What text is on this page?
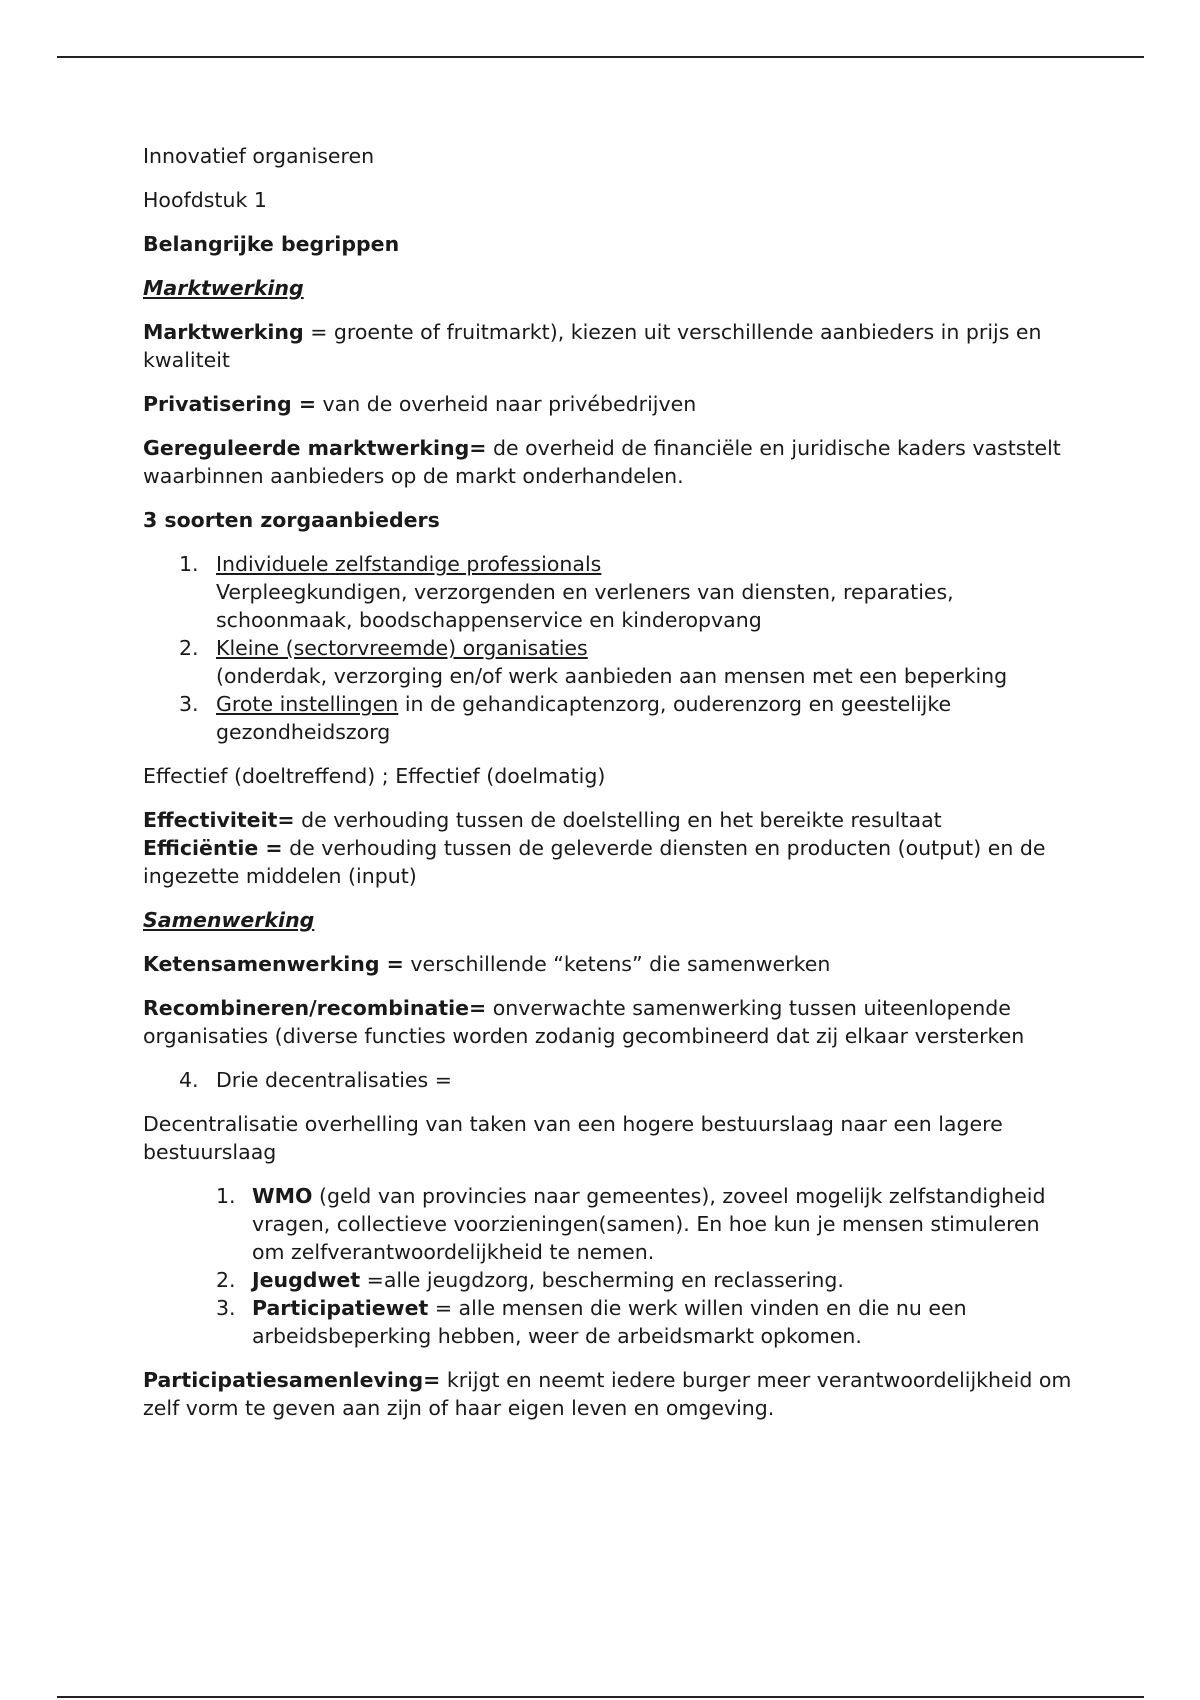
Innovatief organiseren

Hoofdstuk 1

Belangrijke begrippen

Marktwerking

Marktwerking = groente of fruitmarkt), kiezen uit verschillende aanbieders in prijs en kwaliteit

Privatisering = van de overheid naar privébedrijven

Gereguleerde marktwerking= de overheid de financiële en juridische kaders vaststelt waarbinnen aanbieders op de markt onderhandelen.

3 soorten zorgaanbieders

1. Individuele zelfstandige professionals
Verpleegkundigen, verzorgenden en verleners van diensten, reparaties, schoonmaak, boodschappenservice en kinderopvang
2. Kleine (sectorvreemde) organisaties
(onderdak, verzorging en/of werk aanbieden aan mensen met een beperking
3. Grote instellingen in de gehandicaptenzorg, ouderenzorg en geestelijke gezondheidszorg

Effectief (doeltreffend) ; Effectief (doelmatig)

Effectiviteit= de verhouding tussen de doelstelling en het bereikte resultaat

Efficiëntie = de verhouding tussen de geleverde diensten en producten (output) en de ingezette middelen (input)

Samenwerking

Ketensamenwerking = verschillende “ketens” die samenwerken

Recombineren/recombinatie= onverwachte samenwerking tussen uiteenlopende organisaties (diverse functies worden zodanig gecombineerd dat zij elkaar versterken

4. Drie decentralisaties =

Decentralisatie overhelling van taken van een hogere bestuurslaag naar een lagere bestuurslaag

1. WMO (geld van provincies naar gemeentes), zoveel mogelijk zelfstandigheid vragen, collectieve voorzieningen(samen). En hoe kun je mensen stimuleren om zelfverantwoordelijkheid te nemen.
2. Jeugdwet =alle jeugdzorg, bescherming en reclassering.
3. Participatiewet = alle mensen die werk willen vinden en die nu een arbeidsbeperking hebben, weer de arbeidsmarkt opkomen.

Participatiesamenleving= krijgt en neemt iedere burger meer verantwoordelijkheid om zelf vorm te geven aan zijn of haar eigen leven en omgeving.
